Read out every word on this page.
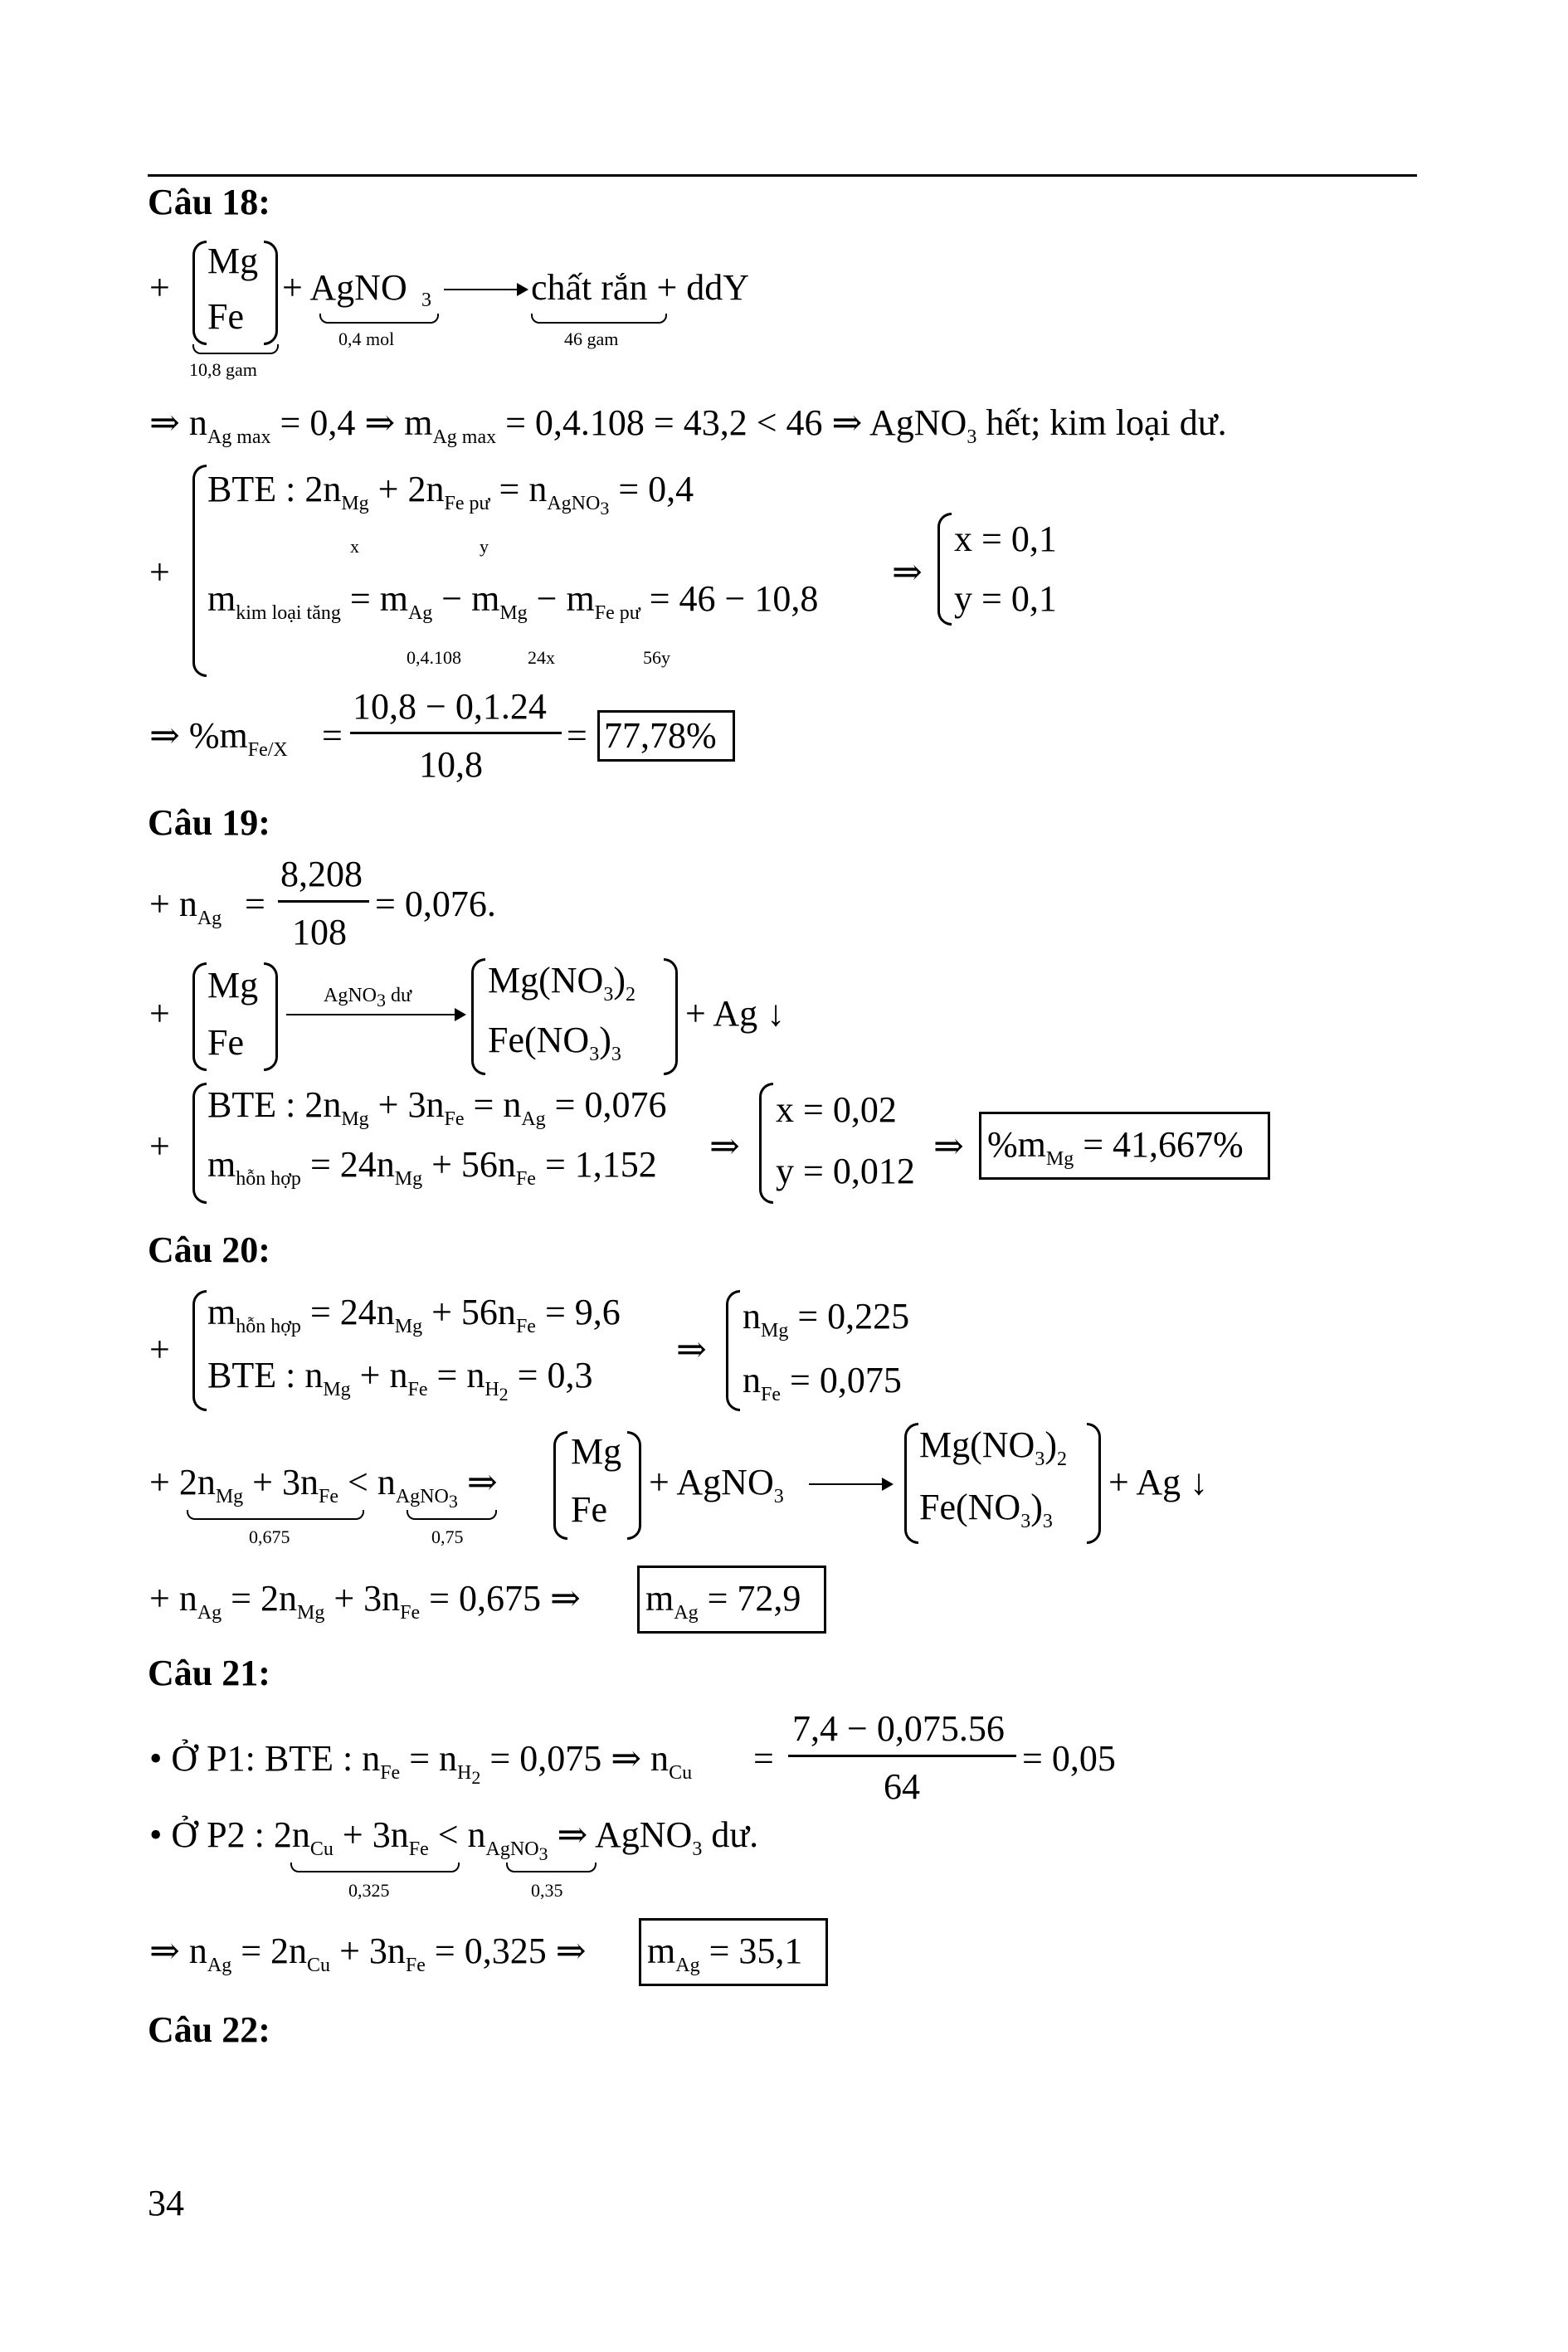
Câu 18:
+
Mg
Fe
+ AgNO 3	chất rắn + ddY
0,4 mol	46 gam
10,8 gam
⇒ $n_{Ag max} = 0,4$ ⇒ $m_{Ag max} = 0,4.108 = 43,2 < 46$ ⇒ AgNO$_3$ hết; kim loại dư.
+
BTE : $2n_{Mg} + 2n_{Fe pư} = n_{AgNO_3} = 0,4$
x	y
$m_{kim loại tăng} = m_{Ag} - m_{Mg} - m_{Fe pư} = 46 - 10,8$
0,4.108	24x	56y
⇒
x = 0,1
y = 0,1
⇒ $\%m_{Fe/X}$ =
10,8 − 0,1.24
10,8
= 77,78%
Câu 19:
+ $n_{Ag}$ =
8,208
108
= 0,076.
+
Mg
Fe
AgNO$_3$ dư $Mg(NO_3)_2$
$Fe(NO_3)_3$
+ Ag ↓
+
BTE : $2n_{Mg} + 3n_{Fe} = n_{Ag} = 0,076$
$m_{hỗn hợp} = 24n_{Mg} + 56n_{Fe} = 1,152$ ⇒
x = 0,02
y = 0,012
⇒ $\%m_{Mg} = 41,667\%$
Câu 20:
+
$m_{hỗn hợp} = 24n_{Mg} + 56n_{Fe} = 9,6$
BTE : $n_{Mg} + n_{Fe} = n_{H_2} = 0,3$
⇒
$n_{Mg} = 0,225$
$n_{Fe} = 0,075$
+ $2n_{Mg} + 3n_{Fe} < n_{AgNO_3}$ ⇒
0,675	0,75
Mg
Fe
+ AgNO$_3$
$Mg(NO_3)_2$
$Fe(NO_3)_3$
+ Ag ↓
+ $n_{Ag} = 2n_{Mg} + 3n_{Fe} = 0,675$ ⇒ $m_{Ag} = 72,9$
Câu 21:
• Ở P1: BTE : $n_{Fe} = n_{H_2} = 0,075$ ⇒ $n_{Cu}$ =
7,4 − 0,075.56
64
= 0,05
• Ở P2 : $2n_{Cu} + 3n_{Fe} < n_{AgNO_3}$ ⇒ AgNO$_3$ dư.
0,325	0,35
⇒ $n_{Ag} = 2n_{Cu} + 3n_{Fe} = 0,325$ ⇒ $m_{Ag} = 35,1$
Câu 22:
34
